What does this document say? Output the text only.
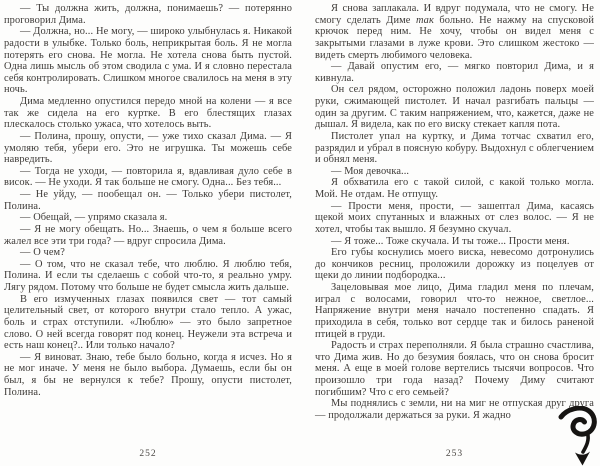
— Ты должна жить, должна, понимаешь? — потерянно проговорил Дима.

— Должна, но... Не могу, — широко улыбнулась я. Никакой радости в улыбке. Только боль, неприкрытая боль. Я не могла потерять его снова. Не могла. Не хотела снова быть пустой. Одна лишь мысль об этом сводила с ума. И я словно перестала себя контролировать. Слишком многое свалилось на меня в эту ночь.

Дима медленно опустился передо мной на колени — я все так же сидела на его куртке. В его блестящих глазах плескалось столько ужаса, что хотелось выть.

— Полина, прошу, опусти, — уже тихо сказал Дима. — Я умоляю тебя, убери его. Это не игрушка. Ты можешь себе навредить.

— Тогда не уходи, — повторила я, вдавливая дуло себе в висок. — Не уходи. Я так больше не смогу. Одна... Без тебя...

— Не уйду, — пообещал он. — Только убери пистолет, Полина.

— Обещай, — упрямо сказала я.

— Я не могу обещать. Но... Знаешь, о чем я больше всего жалел все эти три года? — вдруг спросила Дима.

— О чем?

— О том, что не сказал тебе, что люблю. Я люблю тебя, Полина. И если ты сделаешь с собой что-то, я реально умру. Лягу рядом. Потому что больше не будет смысла жить дальше.

В его измученных глазах появился свет — тот самый целительный свет, от которого внутри стало тепло. А ужас, боль и страх отступили. «Люблю» — это было запретное слово. О ней всегда говорят под конец. Неужели эта встреча и есть наш конец?.. Или только начало?

— Я виноват. Знаю, тебе было больно, когда я исчез. Но я не мог иначе. У меня не было выбора. Думаешь, если бы он был, я бы не вернулся к тебе? Прошу, опусти пистолет, Полина.

252

Я снова заплакала. И вдруг подумала, что не смогу. Не смогу сделать Диме так больно. Не нажму на спусковой крючок перед ним. Не хочу, чтобы он видел меня с закрытыми глазами в луже крови. Это слишком жестоко — видеть смерть любимого человека.

— Давай опустим его, — мягко повторил Дима, и я кивнула.

Он сел рядом, осторожно положил ладонь поверх моей руки, сжимающей пистолет. И начал разгибать пальцы — один за другим. С таким напряжением, что, кажется, даже не дышал. Я видела, как по его виску стекает капля пота.

Пистолет упал на куртку, и Дима тотчас схватил его, разрядил и убрал в поясную кобуру. Выдохнул с облегчением и обнял меня.

— Моя девочка...

Я обхватила его с такой силой, с какой только могла. Мой. Не отдам. Не отпущу.

— Прости меня, прости, — зашептал Дима, касаясь щекой моих спутанных и влажных от слез волос. — Я не хотел, чтобы так вышло. Я безумно скучал.

— Я тоже... Тоже скучала. И ты тоже... Прости меня.

Его губы коснулись моего виска, невесомо дотронулись до кончиков ресниц, проложили дорожку из поцелуев от щеки до линии подбородка...

Зацеловывая мое лицо, Дима гладил меня по плечам, играл с волосами, говорил что-то нежное, светлое... Напряжение внутри меня начало постепенно спадать. Я приходила в себя, только вот сердце так и билось раненой птицей в груди.

Радость и страх переполняли. Я была страшно счастлива, что Дима жив. Но до безумия боялась, что он снова бросит меня. А еще в моей голове вертелись тысячи вопросов. Что произошло три года назад? Почему Диму считают погибшим? Что с его семьей?

Мы поднялись с земли, ни на миг не отпуская друг друга — продолжали держаться за руки. Я жадно

253
